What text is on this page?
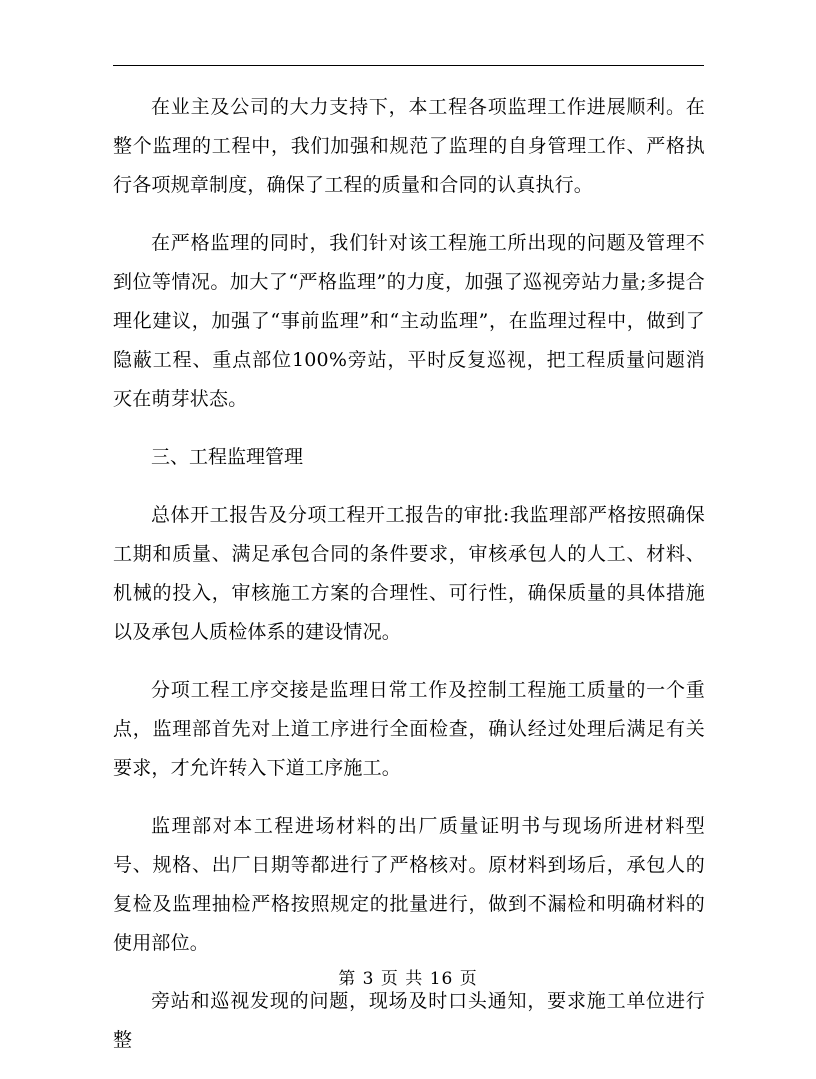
在业主及公司的大力支持下，本工程各项监理工作进展顺利。在整个监理的工程中，我们加强和规范了监理的自身管理工作、严格执行各项规章制度，确保了工程的质量和合同的认真执行。

在严格监理的同时，我们针对该工程施工所出现的问题及管理不到位等情况。加大了“严格监理”的力度，加强了巡视旁站力量;多提合理化建议，加强了“事前监理”和“主动监理”，在监理过程中，做到了隐蔽工程、重点部位100%旁站，平时反复巡视，把工程质量问题消灭在萌芽状态。

三、工程监理管理

总体开工报告及分项工程开工报告的审批:我监理部严格按照确保工期和质量、满足承包合同的条件要求，审核承包人的人工、材料、机械的投入，审核施工方案的合理性、可行性，确保质量的具体措施以及承包人质检体系的建设情况。

分项工程工序交接是监理日常工作及控制工程施工质量的一个重点，监理部首先对上道工序进行全面检查，确认经过处理后满足有关要求，才允许转入下道工序施工。

监理部对本工程进场材料的出厂质量证明书与现场所进材料型号、规格、出厂日期等都进行了严格核对。原材料到场后，承包人的复检及监理抽检严格按照规定的批量进行，做到不漏检和明确材料的使用部位。

旁站和巡视发现的问题，现场及时口头通知，要求施工单位进行整

第 3 页 共 16 页
